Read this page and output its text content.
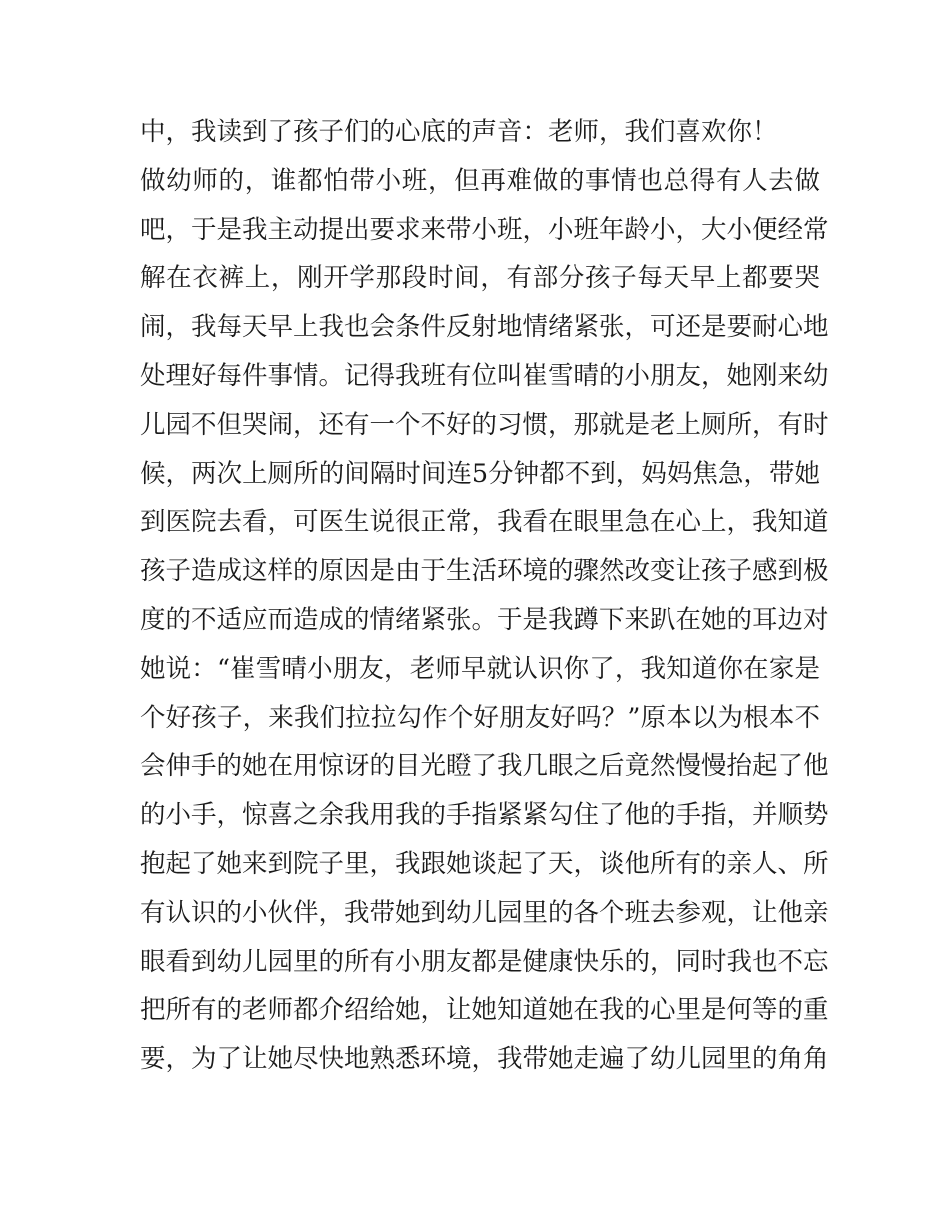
中，我读到了孩子们的心底的声音：老师，我们喜欢你！
做幼师的，谁都怕带小班，但再难做的事情也总得有人去做
吧，于是我主动提出要求来带小班，小班年龄小，大小便经常
解在衣裤上，刚开学那段时间，有部分孩子每天早上都要哭
闹，我每天早上我也会条件反射地情绪紧张，可还是要耐心地
处理好每件事情。记得我班有位叫崔雪晴的小朋友，她刚来幼
儿园不但哭闹，还有一个不好的习惯，那就是老上厕所，有时
候，两次上厕所的间隔时间连5分钟都不到，妈妈焦急，带她
到医院去看，可医生说很正常，我看在眼里急在心上，我知道
孩子造成这样的原因是由于生活环境的骤然改变让孩子感到极
度的不适应而造成的情绪紧张。于是我蹲下来趴在她的耳边对
她说：“崔雪晴小朋友，老师早就认识你了，我知道你在家是
个好孩子，来我们拉拉勾作个好朋友好吗？”原本以为根本不
会伸手的她在用惊讶的目光瞪了我几眼之后竟然慢慢抬起了他
的小手，惊喜之余我用我的手指紧紧勾住了他的手指，并顺势
抱起了她来到院子里，我跟她谈起了天，谈他所有的亲人、所
有认识的小伙伴，我带她到幼儿园里的各个班去参观，让他亲
眼看到幼儿园里的所有小朋友都是健康快乐的，同时我也不忘
把所有的老师都介绍给她，让她知道她在我的心里是何等的重
要，为了让她尽快地熟悉环境，我带她走遍了幼儿园里的角角
